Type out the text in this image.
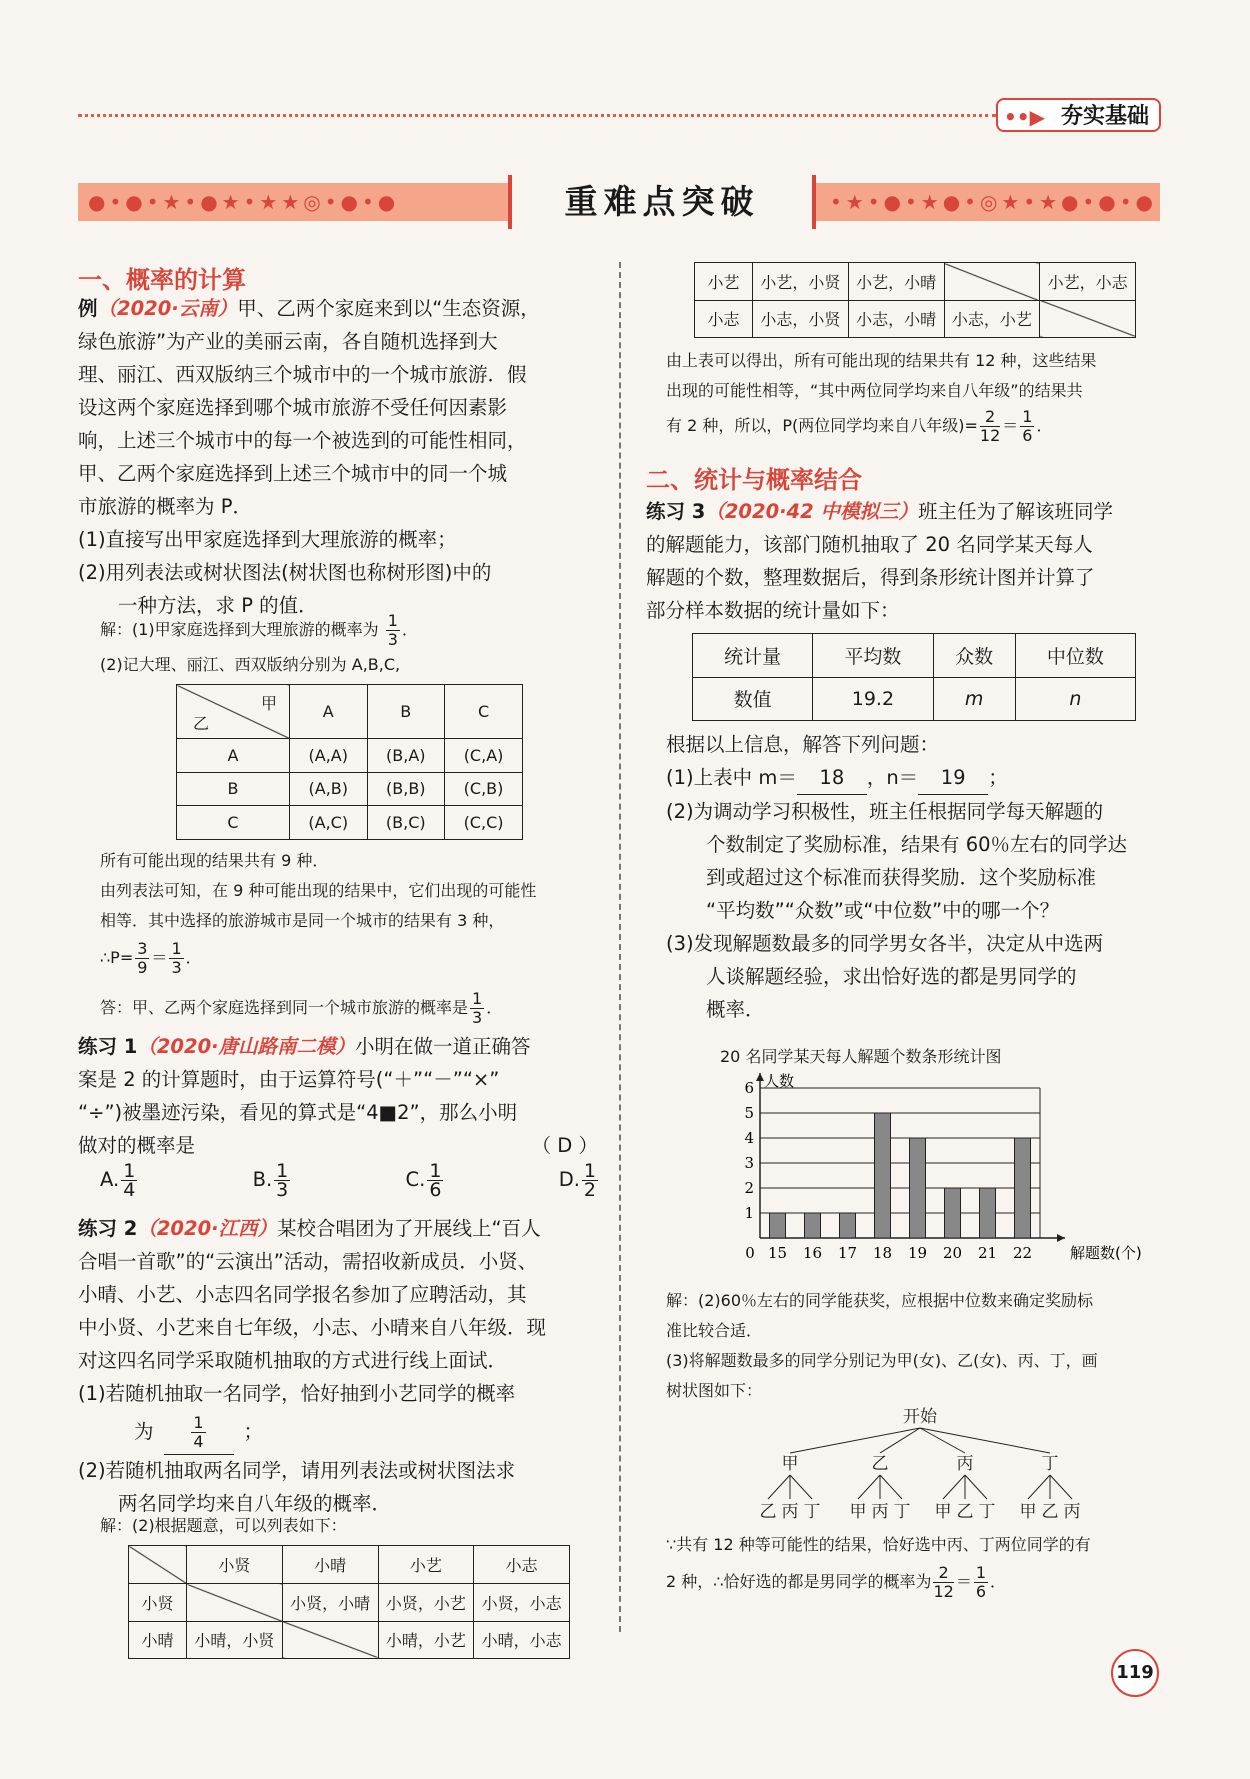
••▶ 夯实基础
●•●•★•●★•★★◎•●•●	重难点突破	•★•●•★●•◎★•★●•●•●
一、概率的计算
例（2020·云南）甲、乙两个家庭来到以“生态资源，
绿色旅游”为产业的美丽云南，各自随机选择到大
理、丽江、西双版纳三个城市中的一个城市旅游．假
设这两个家庭选择到哪个城市旅游不受任何因素影
响，上述三个城市中的每一个被选到的可能性相同，
甲、乙两个家庭选择到上述三个城市中的同一个城
市旅游的概率为 P．
(1)直接写出甲家庭选择到大理旅游的概率；
(2)用列表法或树状图法(树状图也称树形图)中的
一种方法，求 P 的值．
解：(1)甲家庭选择到大理旅游的概率为 $\frac{1}{3}$ ．
(2)记大理、丽江、西双版纳分别为 A,B,C,
甲
乙	A	B	C
A	(A,A)	(B,A)	(C,A)
B	(A,B)	(B,B)	(C,B)
C	(A,C)	(B,C)	(C,C)
所有可能出现的结果共有 9 种．
由列表法可知，在 9 种可能出现的结果中，它们出现的可能性
相等．其中选择的旅游城市是同一个城市的结果有 3 种，
∴P= $\frac{3}{9} = \frac{1}{3}$ ．
答：甲、乙两个家庭选择到同一个城市旅游的概率是 $\frac{1}{3}$ ．
练习 1（2020·唐山路南二模）小明在做一道正确答
案是 2 的计算题时，由于运算符号(“＋”“－”“×”
“÷”)被墨迹污染，看见的算式是“4■2”，那么小明
做对的概率是	（ D ）
A. $\frac{1}{4}$	B. $\frac{1}{3}$	C. $\frac{1}{6}$	D. $\frac{1}{2}$
练习 2（2020·江西）某校合唱团为了开展线上“百人
合唱一首歌”的“云演出”活动，需招收新成员．小贤、
小晴、小艺、小志四名同学报名参加了应聘活动，其
中小贤、小艺来自七年级，小志、小晴来自八年级．现
对这四名同学采取随机抽取的方式进行线上面试．
(1)若随机抽取一名同学，恰好抽到小艺同学的概率
为 $\frac{1}{4}$ ；
(2)若随机抽取两名同学，请用列表法或树状图法求
两名同学均来自八年级的概率．
解：(2)根据题意，可以列表如下：
	小贤	小晴	小艺	小志
小贤		小贤，小晴	小贤，小艺	小贤，小志
小晴	小晴，小贤		小晴，小艺	小晴，小志
小艺	小艺，小贤	小艺，小晴		小艺，小志
小志	小志，小贤	小志，小晴	小志，小艺	
由上表可以得出，所有可能出现的结果共有 12 种，这些结果
出现的可能性相等，“其中两位同学均来自八年级”的结果共
有 2 种，所以，P(两位同学均来自八年级)= $\frac{2}{12} = \frac{1}{6}$ ．
二、统计与概率结合
练习 3（2020·42 中模拟三）班主任为了解该班同学
的解题能力，该部门随机抽取了 20 名同学某天每人
解题的个数，整理数据后，得到条形统计图并计算了
部分样本数据的统计量如下：
统计量	平均数	众数	中位数
数值	19.2	m	n
根据以上信息，解答下列问题：
(1)上表中 m＝ 18 ，n＝ 19 ；
(2)为调动学习积极性，班主任根据同学每天解题的
个数制定了奖励标准，结果有 60％左右的同学达
到或超过这个标准而获得奖励．这个奖励标准
“平均数”“众数”或“中位数”中的哪一个？
(3)发现解题数最多的同学男女各半，决定从中选两
人谈解题经验，求出恰好选的都是男同学的
概率．
20 名同学某天每人解题个数条形统计图
1
2
3
4
5
6
0
人数
解题数(个)
15 16 17 18 19 20 21 22
解：(2)60％左右的同学能获奖，应根据中位数来确定奖励标
准比较合适．
(3)将解题数最多的同学分别记为甲(女)、乙(女)、丙、丁，画
树状图如下：
开始
甲
乙 丙 丁
乙
甲 丙 丁
丙
甲 乙 丁
丁
甲 乙 丙
∵共有 12 种等可能性的结果，恰好选中丙、丁两位同学的有
2 种，∴恰好选的都是男同学的概率为 $\frac{2}{12} = \frac{1}{6}$ ．
119
